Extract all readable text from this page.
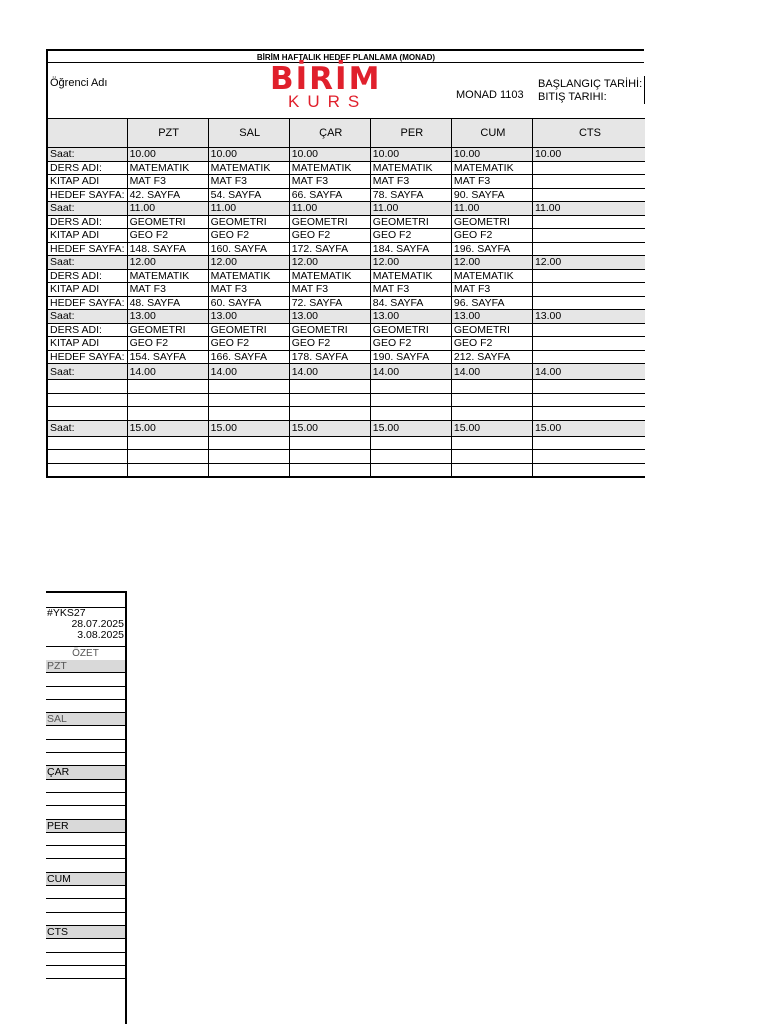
BİRİM HAFTALIK HEDEF PLANLAMA (MONAD)
Öğrenci Adı	BİRİM
KURS	MONAD 1103
BAŞLANGIÇ TARİHİ:
BITIŞ TARIHI:
	PZT	SAL	ÇAR	PER	CUM	CTS
Saat:	10.00	10.00	10.00	10.00	10.00	10.00
DERS ADI:	MATEMATIK	MATEMATIK	MATEMATIK	MATEMATIK	MATEMATIK	
KITAP ADI	MAT F3	MAT F3	MAT F3	MAT F3	MAT F3	
HEDEF SAYFA:	42. SAYFA	54. SAYFA	66. SAYFA	78. SAYFA	90. SAYFA	
Saat:	11.00	11.00	11.00	11.00	11.00	11.00
DERS ADI:	GEOMETRI	GEOMETRI	GEOMETRI	GEOMETRI	GEOMETRI	
KITAP ADI	GEO F2	GEO F2	GEO F2	GEO F2	GEO F2	
HEDEF SAYFA:	148. SAYFA	160. SAYFA	172. SAYFA	184. SAYFA	196. SAYFA	
Saat:	12.00	12.00	12.00	12.00	12.00	12.00
DERS ADI:	MATEMATIK	MATEMATIK	MATEMATIK	MATEMATIK	MATEMATIK	
KITAP ADI	MAT F3	MAT F3	MAT F3	MAT F3	MAT F3	
HEDEF SAYFA:	48. SAYFA	60. SAYFA	72. SAYFA	84. SAYFA	96. SAYFA	
Saat:	13.00	13.00	13.00	13.00	13.00	13.00
DERS ADI:	GEOMETRI	GEOMETRI	GEOMETRI	GEOMETRI	GEOMETRI	
KITAP ADI	GEO F2	GEO F2	GEO F2	GEO F2	GEO F2	
HEDEF SAYFA:	154. SAYFA	166. SAYFA	178. SAYFA	190. SAYFA	212. SAYFA	
Saat:	14.00	14.00	14.00	14.00	14.00	14.00

Saat:	15.00	15.00	15.00	15.00	15.00	15.00

#YKS27
28.07.2025
3.08.2025
ÖZET
PZT
SAL
ÇAR
PER
CUM
CTS
